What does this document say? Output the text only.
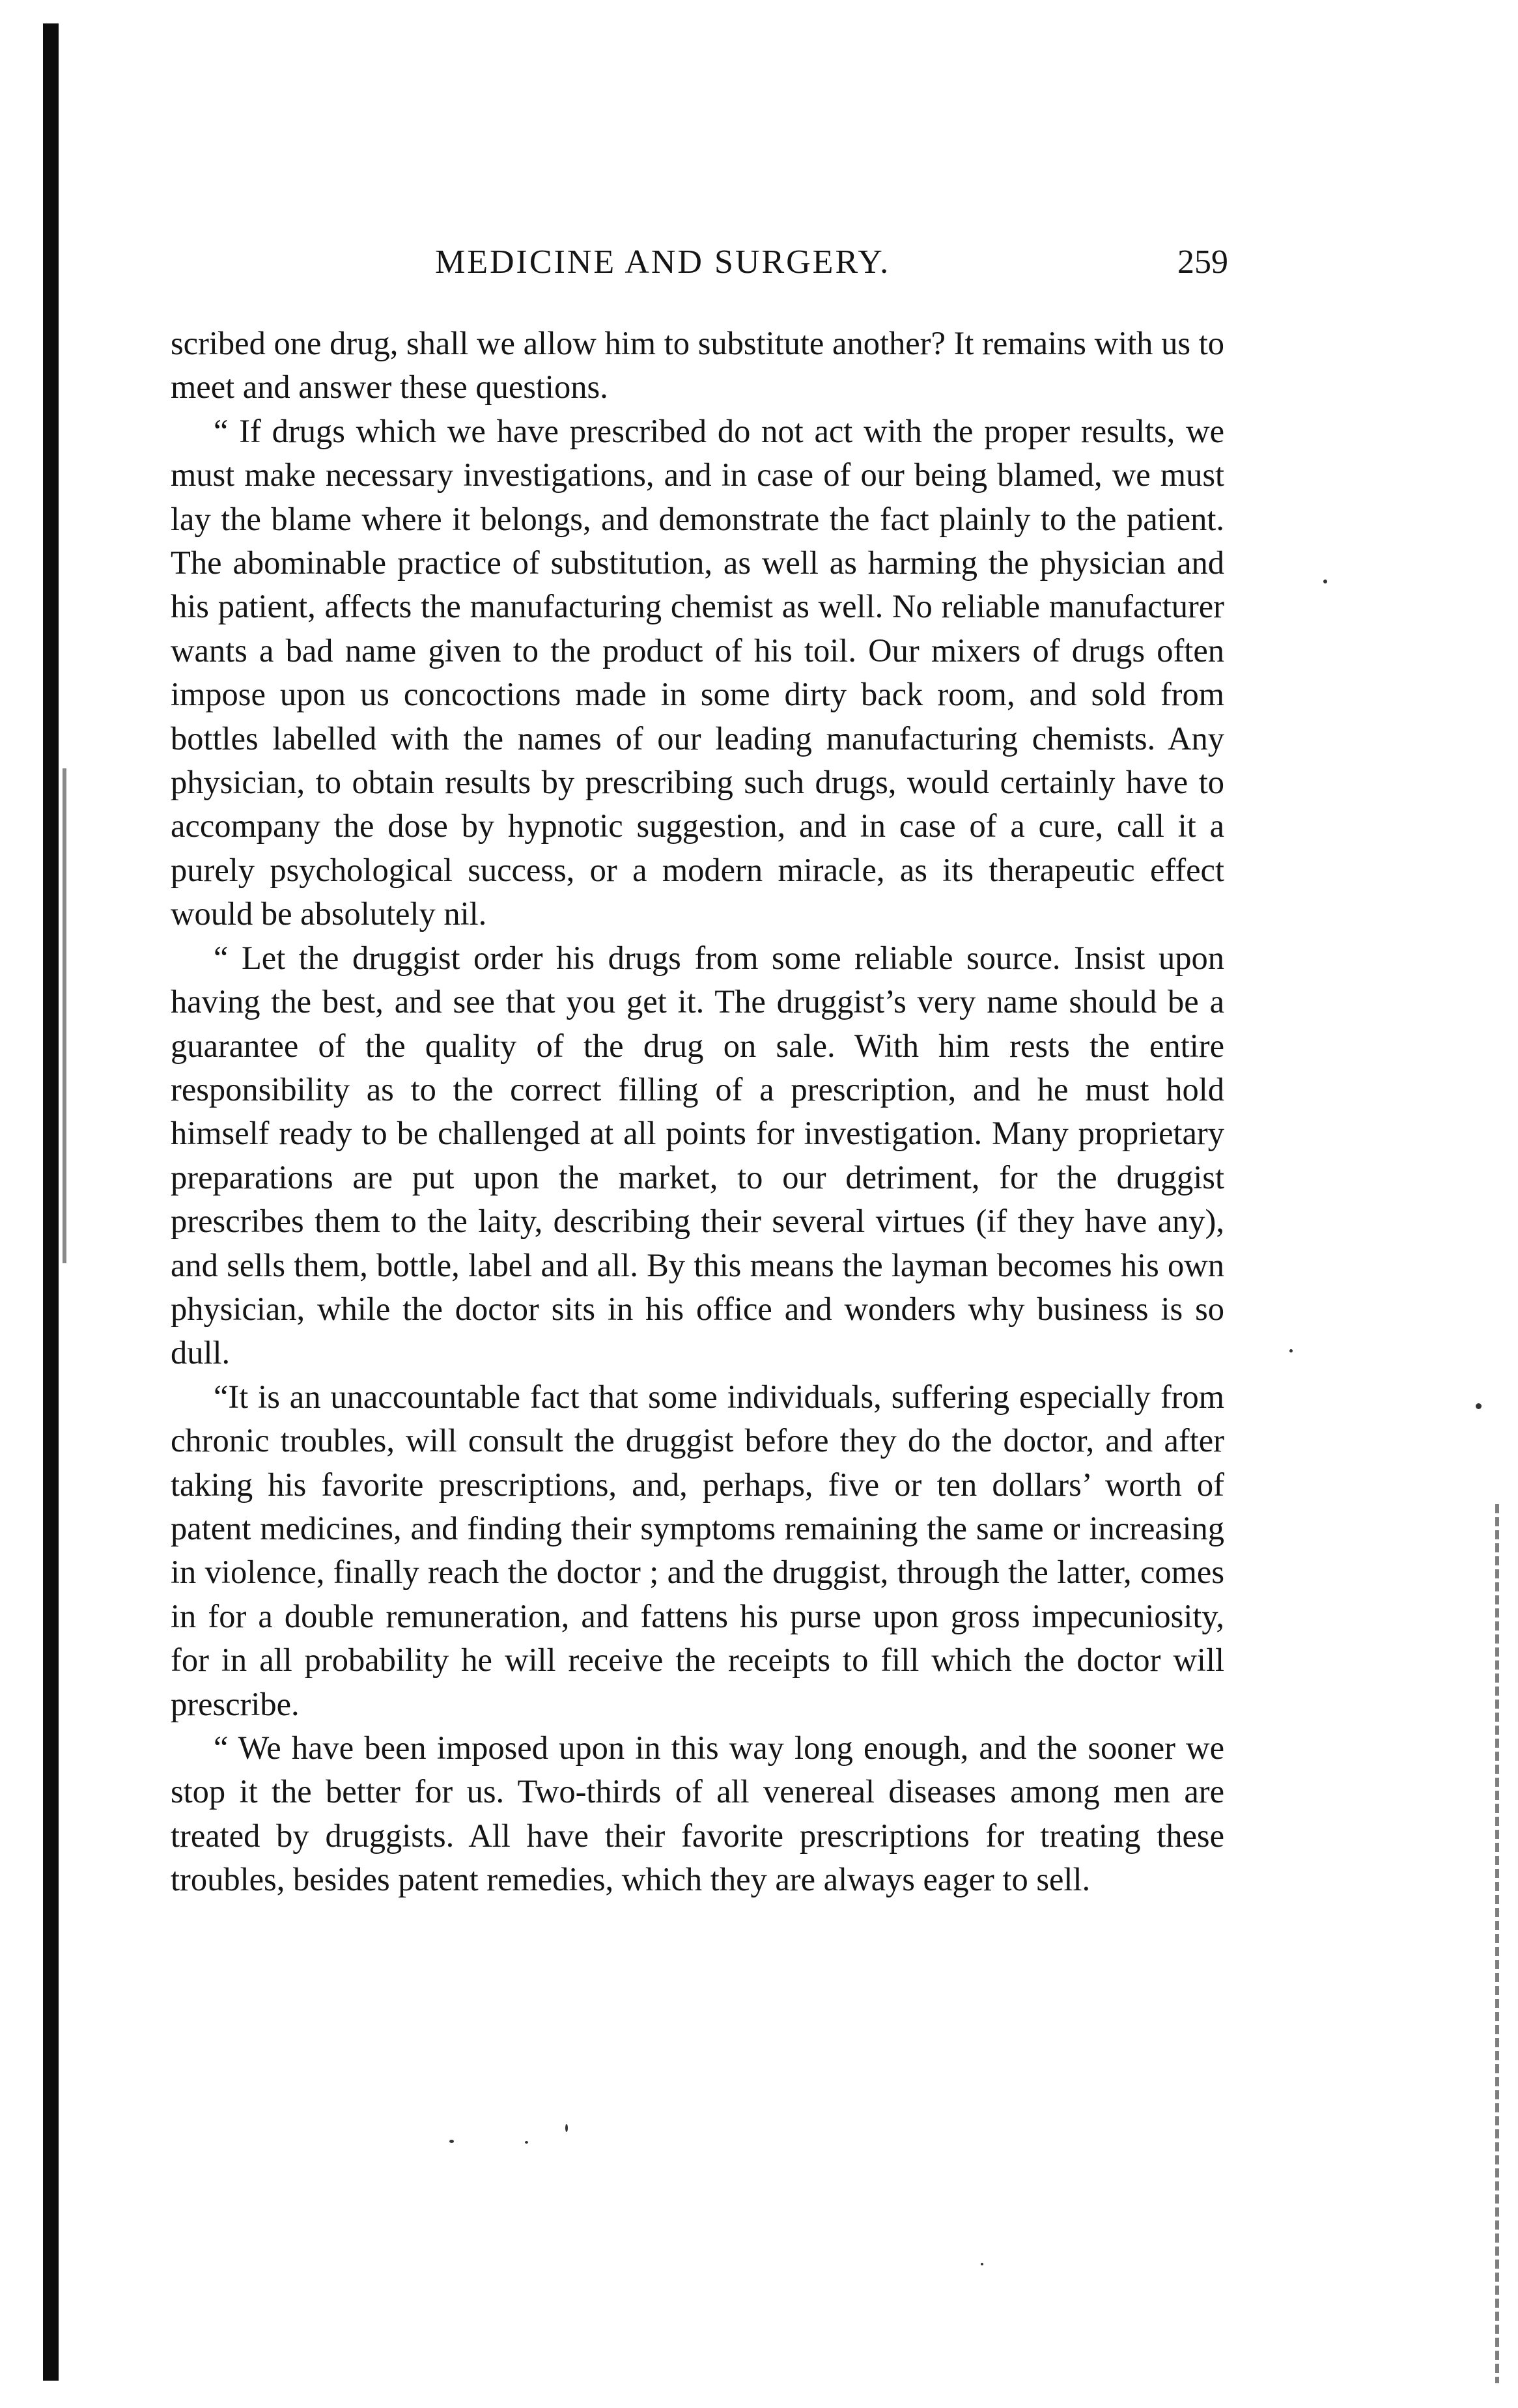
MEDICINE AND SURGERY.	259

scribed one drug, shall we allow him to substitute another? It remains with us to meet and answer these questions.

“ If drugs which we have prescribed do not act with the proper results, we must make necessary investigations, and in case of our being blamed, we must lay the blame where it belongs, and demonstrate the fact plainly to the patient. The abominable practice of substitution, as well as harming the physician and his patient, affects the manufacturing chemist as well. No reliable manufacturer wants a bad name given to the product of his toil. Our mixers of drugs often impose upon us concoctions made in some dirty back room, and sold from bottles labelled with the names of our leading manufacturing chemists. Any physician, to obtain results by prescribing such drugs, would certainly have to accompany the dose by hypnotic suggestion, and in case of a cure, call it a purely psychological success, or a modern miracle, as its therapeutic effect would be absolutely nil.

“ Let the druggist order his drugs from some reliable source. Insist upon having the best, and see that you get it. The druggist’s very name should be a guarantee of the quality of the drug on sale. With him rests the entire responsibility as to the correct filling of a prescription, and he must hold himself ready to be challenged at all points for investigation. Many proprietary preparations are put upon the market, to our detriment, for the druggist prescribes them to the laity, describing their several virtues (if they have any), and sells them, bottle, label and all. By this means the layman becomes his own physician, while the doctor sits in his office and wonders why business is so dull.

“It is an unaccountable fact that some individuals, suffering especially from chronic troubles, will consult the druggist before they do the doctor, and after taking his favorite prescriptions, and, perhaps, five or ten dollars’ worth of patent medicines, and finding their symptoms remaining the same or increasing in violence, finally reach the doctor ; and the druggist, through the latter, comes in for a double remuneration, and fattens his purse upon gross impecuniosity, for in all probability he will receive the receipts to fill which the doctor will prescribe.

“ We have been imposed upon in this way long enough, and the sooner we stop it the better for us. Two-thirds of all venereal diseases among men are treated by druggists. All have their favorite prescriptions for treating these troubles, besides patent remedies, which they are always eager to sell.
